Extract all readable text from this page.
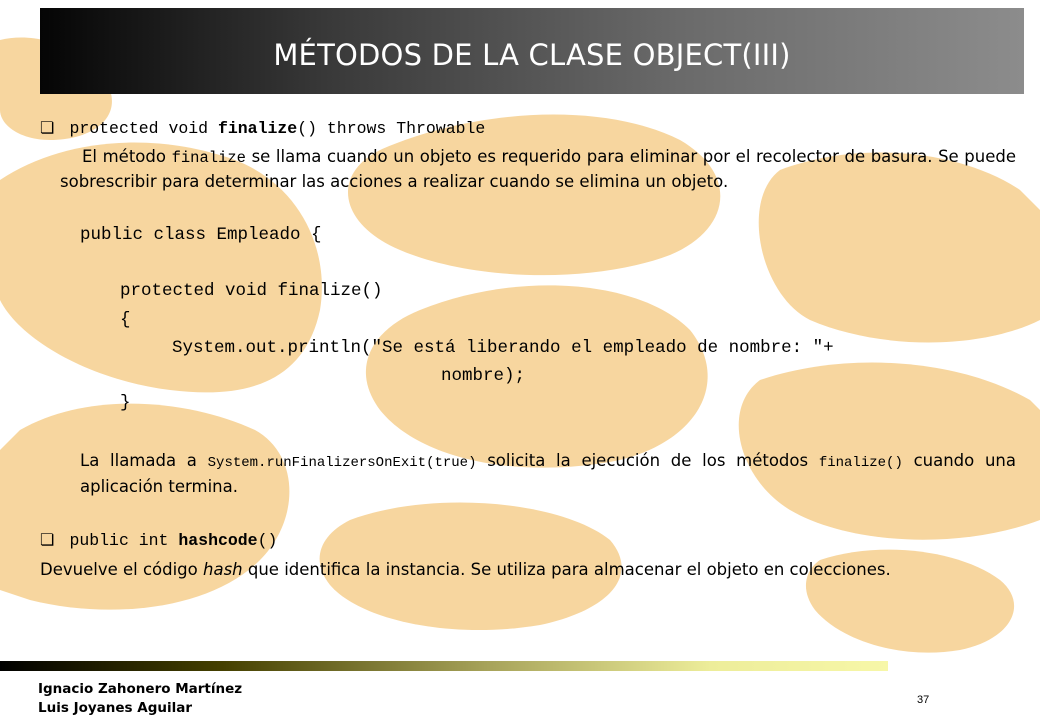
MÉTODOS DE LA CLASE OBJECT(III)
❏ protected void finalize() throws Throwable
El método finalize se llama cuando un objeto es requerido para eliminar por el recolector de basura. Se puede sobrescribir para determinar las acciones a realizar cuando se elimina un objeto.
public class Empleado {
protected void finalize()
{
System.out.println("Se está liberando el empleado de nombre: "+
nombre);
}
La llamada a System.runFinalizersOnExit(true) solicita la ejecución de los métodos finalize() cuando una aplicación termina.
❏ public int hashcode()
Devuelve el código hash que identifica la instancia. Se utiliza para almacenar el objeto en colecciones.
Ignacio Zahonero Martínez
Luis Joyanes Aguilar	37
